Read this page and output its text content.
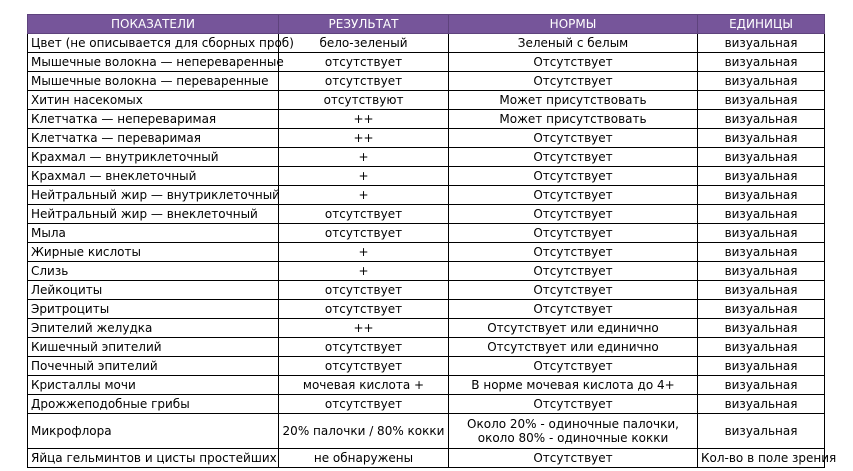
ПОКАЗАТЕЛИ	РЕЗУЛЬТАТ	НОРМЫ	ЕДИНИЦЫ
Цвет (не описывается для сборных проб)	бело-зеленый	Зеленый с белым	визуальная
Мышечные волокна — непереваренные	отсутствует	Отсутствует	визуальная
Мышечные волокна — переваренные	отсутствует	Отсутствует	визуальная
Хитин насекомых	отсутствуют	Может присутствовать	визуальная
Клетчатка — непереваримая	++	Может присутствовать	визуальная
Клетчатка — переваримая	++	Отсутствует	визуальная
Крахмал — внутриклеточный	+	Отсутствует	визуальная
Крахмал — внеклеточный	+	Отсутствует	визуальная
Нейтральный жир — внутриклеточный	+	Отсутствует	визуальная
Нейтральный жир — внеклеточный	отсутствует	Отсутствует	визуальная
Мыла	отсутствует	Отсутствует	визуальная
Жирные кислоты	+	Отсутствует	визуальная
Слизь	+	Отсутствует	визуальная
Лейкоциты	отсутствует	Отсутствует	визуальная
Эритроциты	отсутствует	Отсутствует	визуальная
Эпителий желудка	++	Отсутствует или единично	визуальная
Кишечный эпителий	отсутствует	Отсутствует или единично	визуальная
Почечный эпителий	отсутствует	Отсутствует	визуальная
Кристаллы мочи	мочевая кислота +	В норме мочевая кислота до 4+	визуальная
Дрожжеподобные грибы	отсутствует	Отсутствует	визуальная
Микрофлора	20% палочки / 80% кокки	Около 20% - одиночные палочки, около 80% - одиночные кокки	визуальная
Яйца гельминтов и цисты простейших	не обнаружены	Отсутствует	Кол-во в поле зрения
